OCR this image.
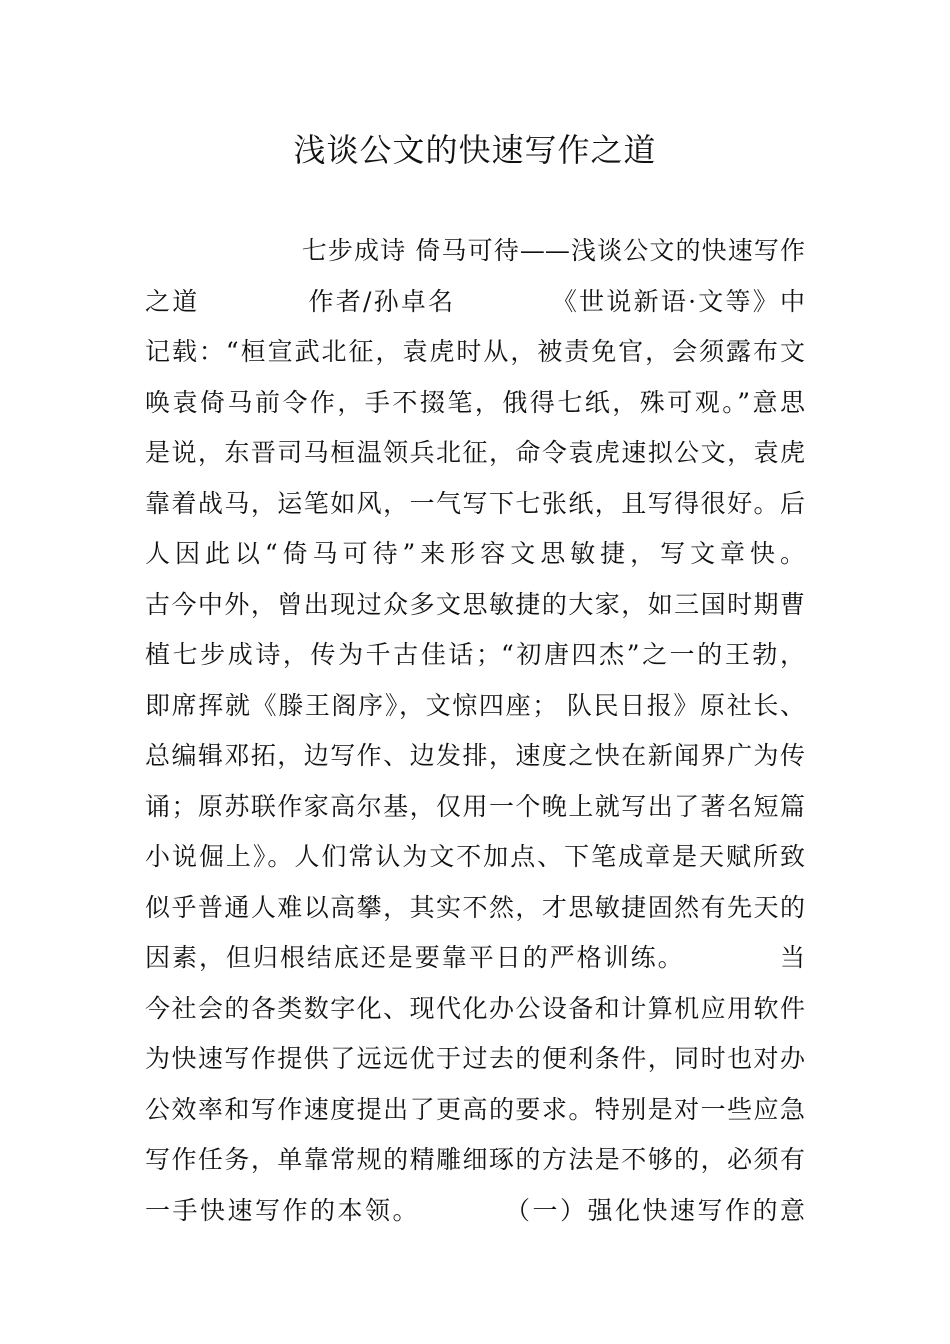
浅谈公文的快速写作之道
　　　　　　七步成诗 倚马可待——浅谈公文的快速写作
之道　　　　作者/孙卓名　　　　《世说新语·文等》中
记载：“桓宣武北征，袁虎时从，被责免官，会须露布文
唤袁倚马前令作，手不掇笔，俄得七纸，殊可观。”意思
是说，东晋司马桓温领兵北征，命令袁虎速拟公文，袁虎
靠着战马，运笔如风，一气写下七张纸，且写得很好。后
人因此以“倚马可待”来形容文思敏捷，写文章快。
古今中外，曾出现过众多文思敏捷的大家，如三国时期曹
植七步成诗，传为千古佳话；“初唐四杰”之一的王勃，
即席挥就《滕王阁序》，文惊四座； 队民日报》原社长、
总编辑邓拓，边写作、边发排，速度之快在新闻界广为传
诵；原苏联作家高尔基，仅用一个晚上就写出了著名短篇
小说倔上》。人们常认为文不加点、下笔成章是天赋所致
似乎普通人难以高攀，其实不然，才思敏捷固然有先天的
因素，但归根结底还是要靠平日的严格训练。　　　　当
今社会的各类数字化、现代化办公设备和计算机应用软件
为快速写作提供了远远优于过去的便利条件，同时也对办
公效率和写作速度提出了更高的要求。特别是对一些应急
写作任务，单靠常规的精雕细琢的方法是不够的，必须有
一手快速写作的本领。　　　　（一）强化快速写作的意
